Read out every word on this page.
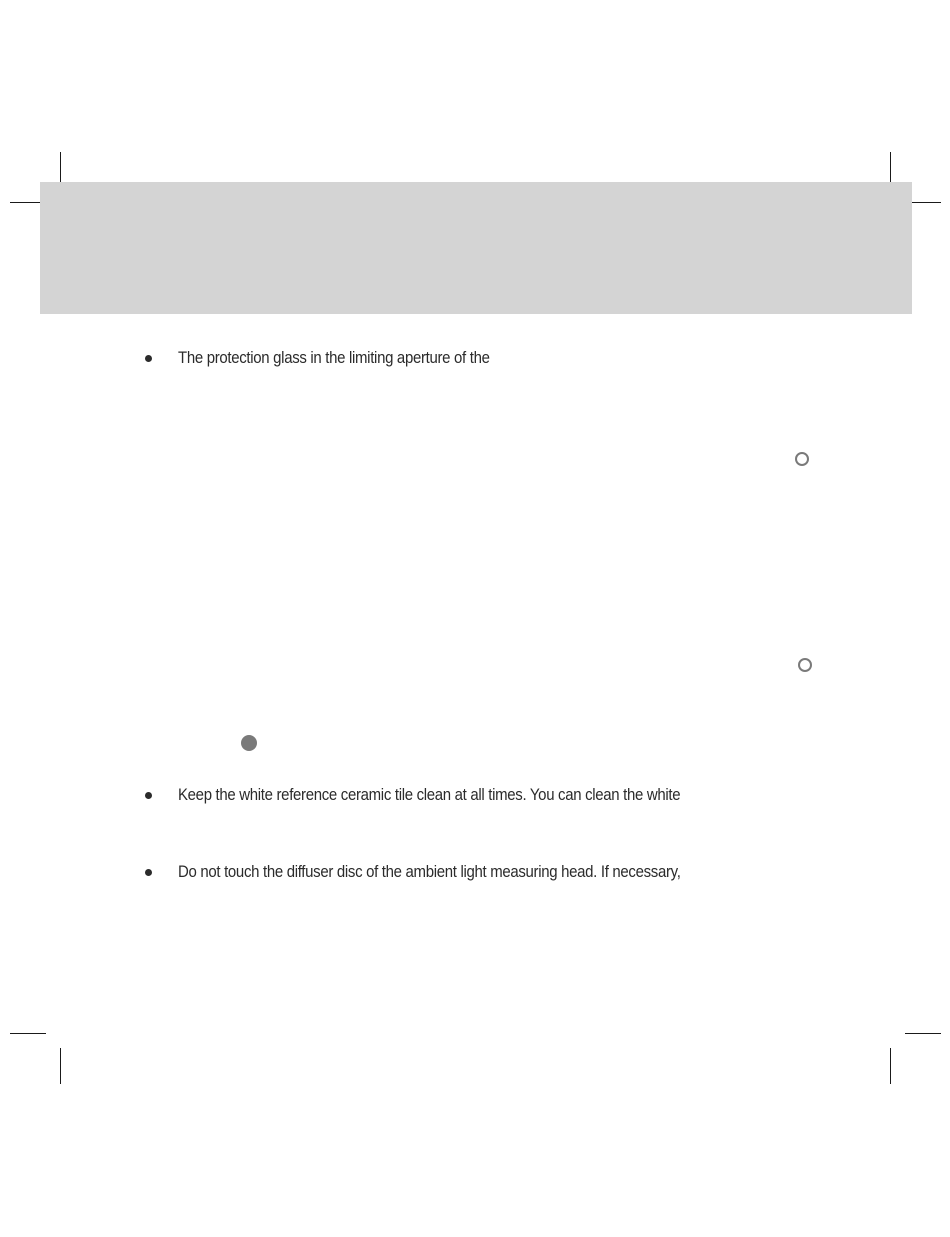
The protection glass in the limiting aperture of the
Keep the white reference ceramic tile clean at all times. You can clean the white
Do not touch the diffuser disc of the ambient light measuring head. If necessary,
